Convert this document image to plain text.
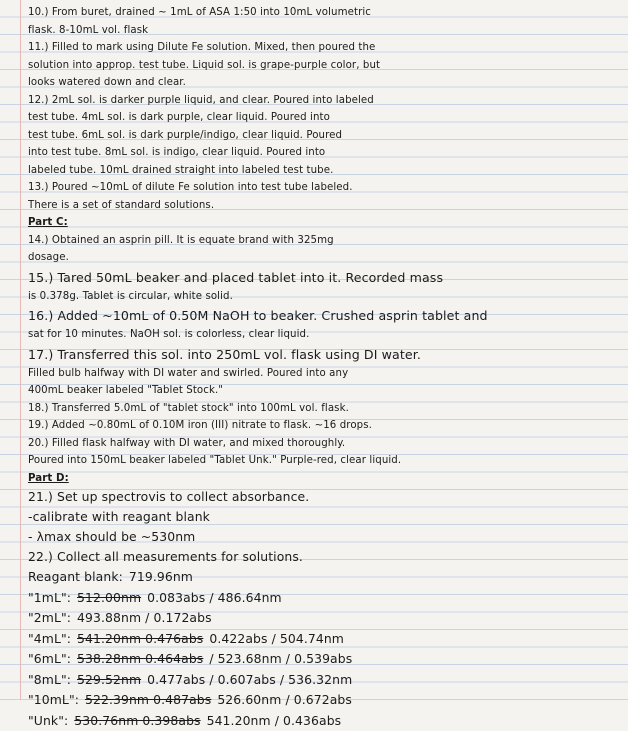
10.) From buret, drained ~ 1mL of ASA 1:50 into 10mL volumetric
flask. 8-10mL vol. flask
11.) Filled to mark using Dilute Fe solution. Mixed, then poured the
solution into approp. test tube. Liquid sol. is grape-purple color, but
looks watered down and clear.
12.) 2mL sol. is darker purple liquid, and clear. Poured into labeled
test tube. 4mL sol. is dark purple, clear liquid. Poured into
test tube. 6mL sol. is dark purple/indigo, clear liquid. Poured
into test tube. 8mL sol. is indigo, clear liquid. Poured into
labeled tube. 10mL drained straight into labeled test tube.
13.) Poured ~10mL of dilute Fe solution into test tube labeled.
There is a set of standard solutions.
Part C:
14.) Obtained an asprin pill. It is equate brand with 325mg
dosage.
15.) Tared 50mL beaker and placed tablet into it. Recorded mass
is 0.378g. Tablet is circular, white solid.
16.) Added ~10mL of 0.50M NaOH to beaker. Crushed asprin tablet and
sat for 10 minutes. NaOH sol. is colorless, clear liquid.
17.) Transferred this sol. into 250mL vol. flask using DI water.
Filled bulb halfway with DI water and swirled. Poured into any
400mL beaker labeled "Tablet Stock."
18.) Transferred 5.0mL of "tablet stock" into 100mL vol. flask.
19.) Added ~0.80mL of 0.10M iron (III) nitrate to flask. ~16 drops.
20.) Filled flask halfway with DI water, and mixed thoroughly.
Poured into 150mL beaker labeled "Tablet Unk." Purple-red, clear liquid.
Part D:
21.) Set up spectrovis to collect absorbance.
-calibrate with reagant blank
- λmax should be ~530nm
22.) Collect all measurements for solutions.
Reagant blank: 719.96nm
"1mL": 512.00nm 0.083abs / 486.64nm
"2mL": 493.88nm / 0.172abs
"4mL": 541.20nm 0.476abs 0.422abs / 504.74nm
"6mL": 538.28nm 0.464abs / 523.68nm / 0.539abs
"8mL": 529.52nm 0.477abs / 0.607abs / 536.32nm
"10mL": 522.39nm 0.487abs 526.60nm / 0.672abs
"Unk": 530.76nm 0.398abs 541.20nm / 0.436abs
